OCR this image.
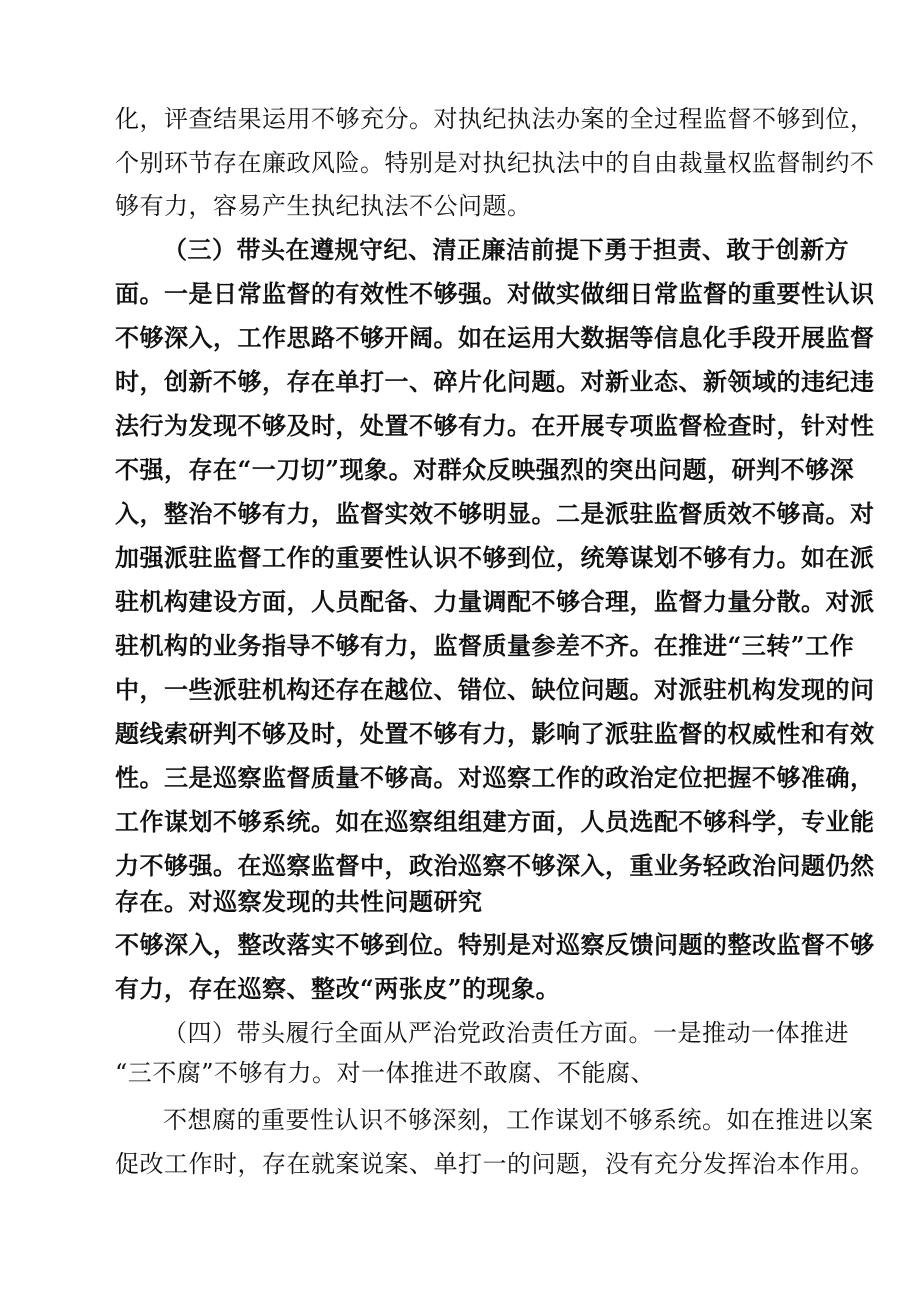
化，评查结果运用不够充分。对执纪执法办案的全过程监督不够到位，

个别环节存在廉政风险。特别是对执纪执法中的自由裁量权监督制约不

够有力，容易产生执纪执法不公问题。

（三）带头在遵规守纪、清正廉洁前提下勇于担责、敢于创新方

面。一是日常监督的有效性不够强。对做实做细日常监督的重要性认识

不够深入，工作思路不够开阔。如在运用大数据等信息化手段开展监督

时，创新不够，存在单打一、碎片化问题。对新业态、新领域的违纪违

法行为发现不够及时，处置不够有力。在开展专项监督检查时，针对性

不强，存在“一刀切”现象。对群众反映强烈的突出问题，研判不够深

入，整治不够有力，监督实效不够明显。二是派驻监督质效不够高。对

加强派驻监督工作的重要性认识不够到位，统筹谋划不够有力。如在派

驻机构建设方面，人员配备、力量调配不够合理，监督力量分散。对派

驻机构的业务指导不够有力，监督质量参差不齐。在推进“三转”工作

中，一些派驻机构还存在越位、错位、缺位问题。对派驻机构发现的问

题线索研判不够及时，处置不够有力，影响了派驻监督的权威性和有效

性。三是巡察监督质量不够高。对巡察工作的政治定位把握不够准确，

工作谋划不够系统。如在巡察组组建方面，人员选配不够科学，专业能

力不够强。在巡察监督中，政治巡察不够深入，重业务轻政治问题仍然

存在。对巡察发现的共性问题研究

不够深入，整改落实不够到位。特别是对巡察反馈问题的整改监督不够

有力，存在巡察、整改“两张皮”的现象。

（四）带头履行全面从严治党政治责任方面。一是推动一体推进

“三不腐”不够有力。对一体推进不敢腐、不能腐、

不想腐的重要性认识不够深刻，工作谋划不够系统。如在推进以案

促改工作时，存在就案说案、单打一的问题，没有充分发挥治本作用。
